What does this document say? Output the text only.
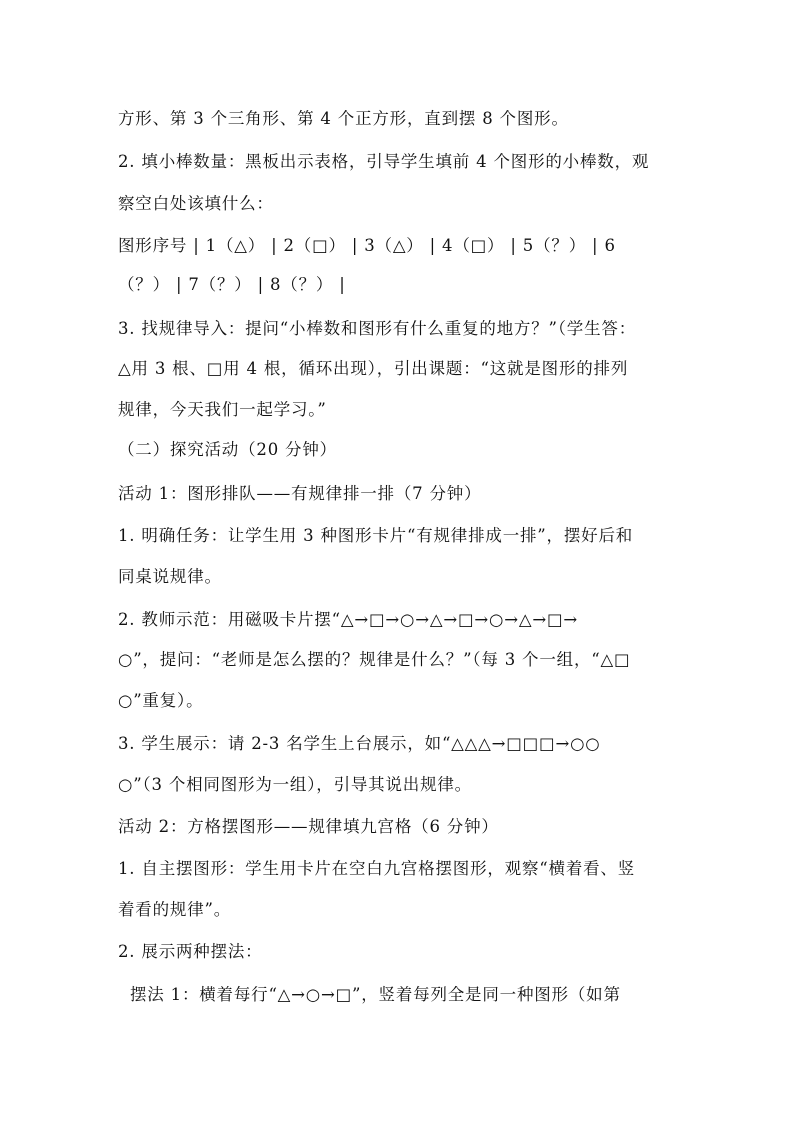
方形、第 3 个三角形、第 4 个正方形，直到摆 8 个图形。
2. 填小棒数量：黑板出示表格，引导学生填前 4 个图形的小棒数，观
察空白处该填什么：
图形序号 | 1（△） | 2（□） | 3（△） | 4（□） | 5（？） | 6
（？） | 7（？） | 8（？） |
3. 找规律导入：提问“小棒数和图形有什么重复的地方？”（学生答：
△用 3 根、□用 4 根，循环出现），引出课题：“这就是图形的排列
规律，今天我们一起学习。”
（二）探究活动（20 分钟）
活动 1：图形排队——有规律排一排（7 分钟）
1. 明确任务：让学生用 3 种图形卡片“有规律排成一排”，摆好后和
同桌说规律。
2. 教师示范：用磁吸卡片摆“△→□→○→△→□→○→△→□→
○”，提问：“老师是怎么摆的？规律是什么？”（每 3 个一组，“△□
○”重复）。
3. 学生展示：请 2-3 名学生上台展示，如“△△△→□□□→○○
○”（3 个相同图形为一组），引导其说出规律。
活动 2：方格摆图形——规律填九宫格（6 分钟）
1. 自主摆图形：学生用卡片在空白九宫格摆图形，观察“横着看、竖
着看的规律”。
2. 展示两种摆法：
摆法 1：横着每行“△→○→□”，竖着每列全是同一种图形（如第
